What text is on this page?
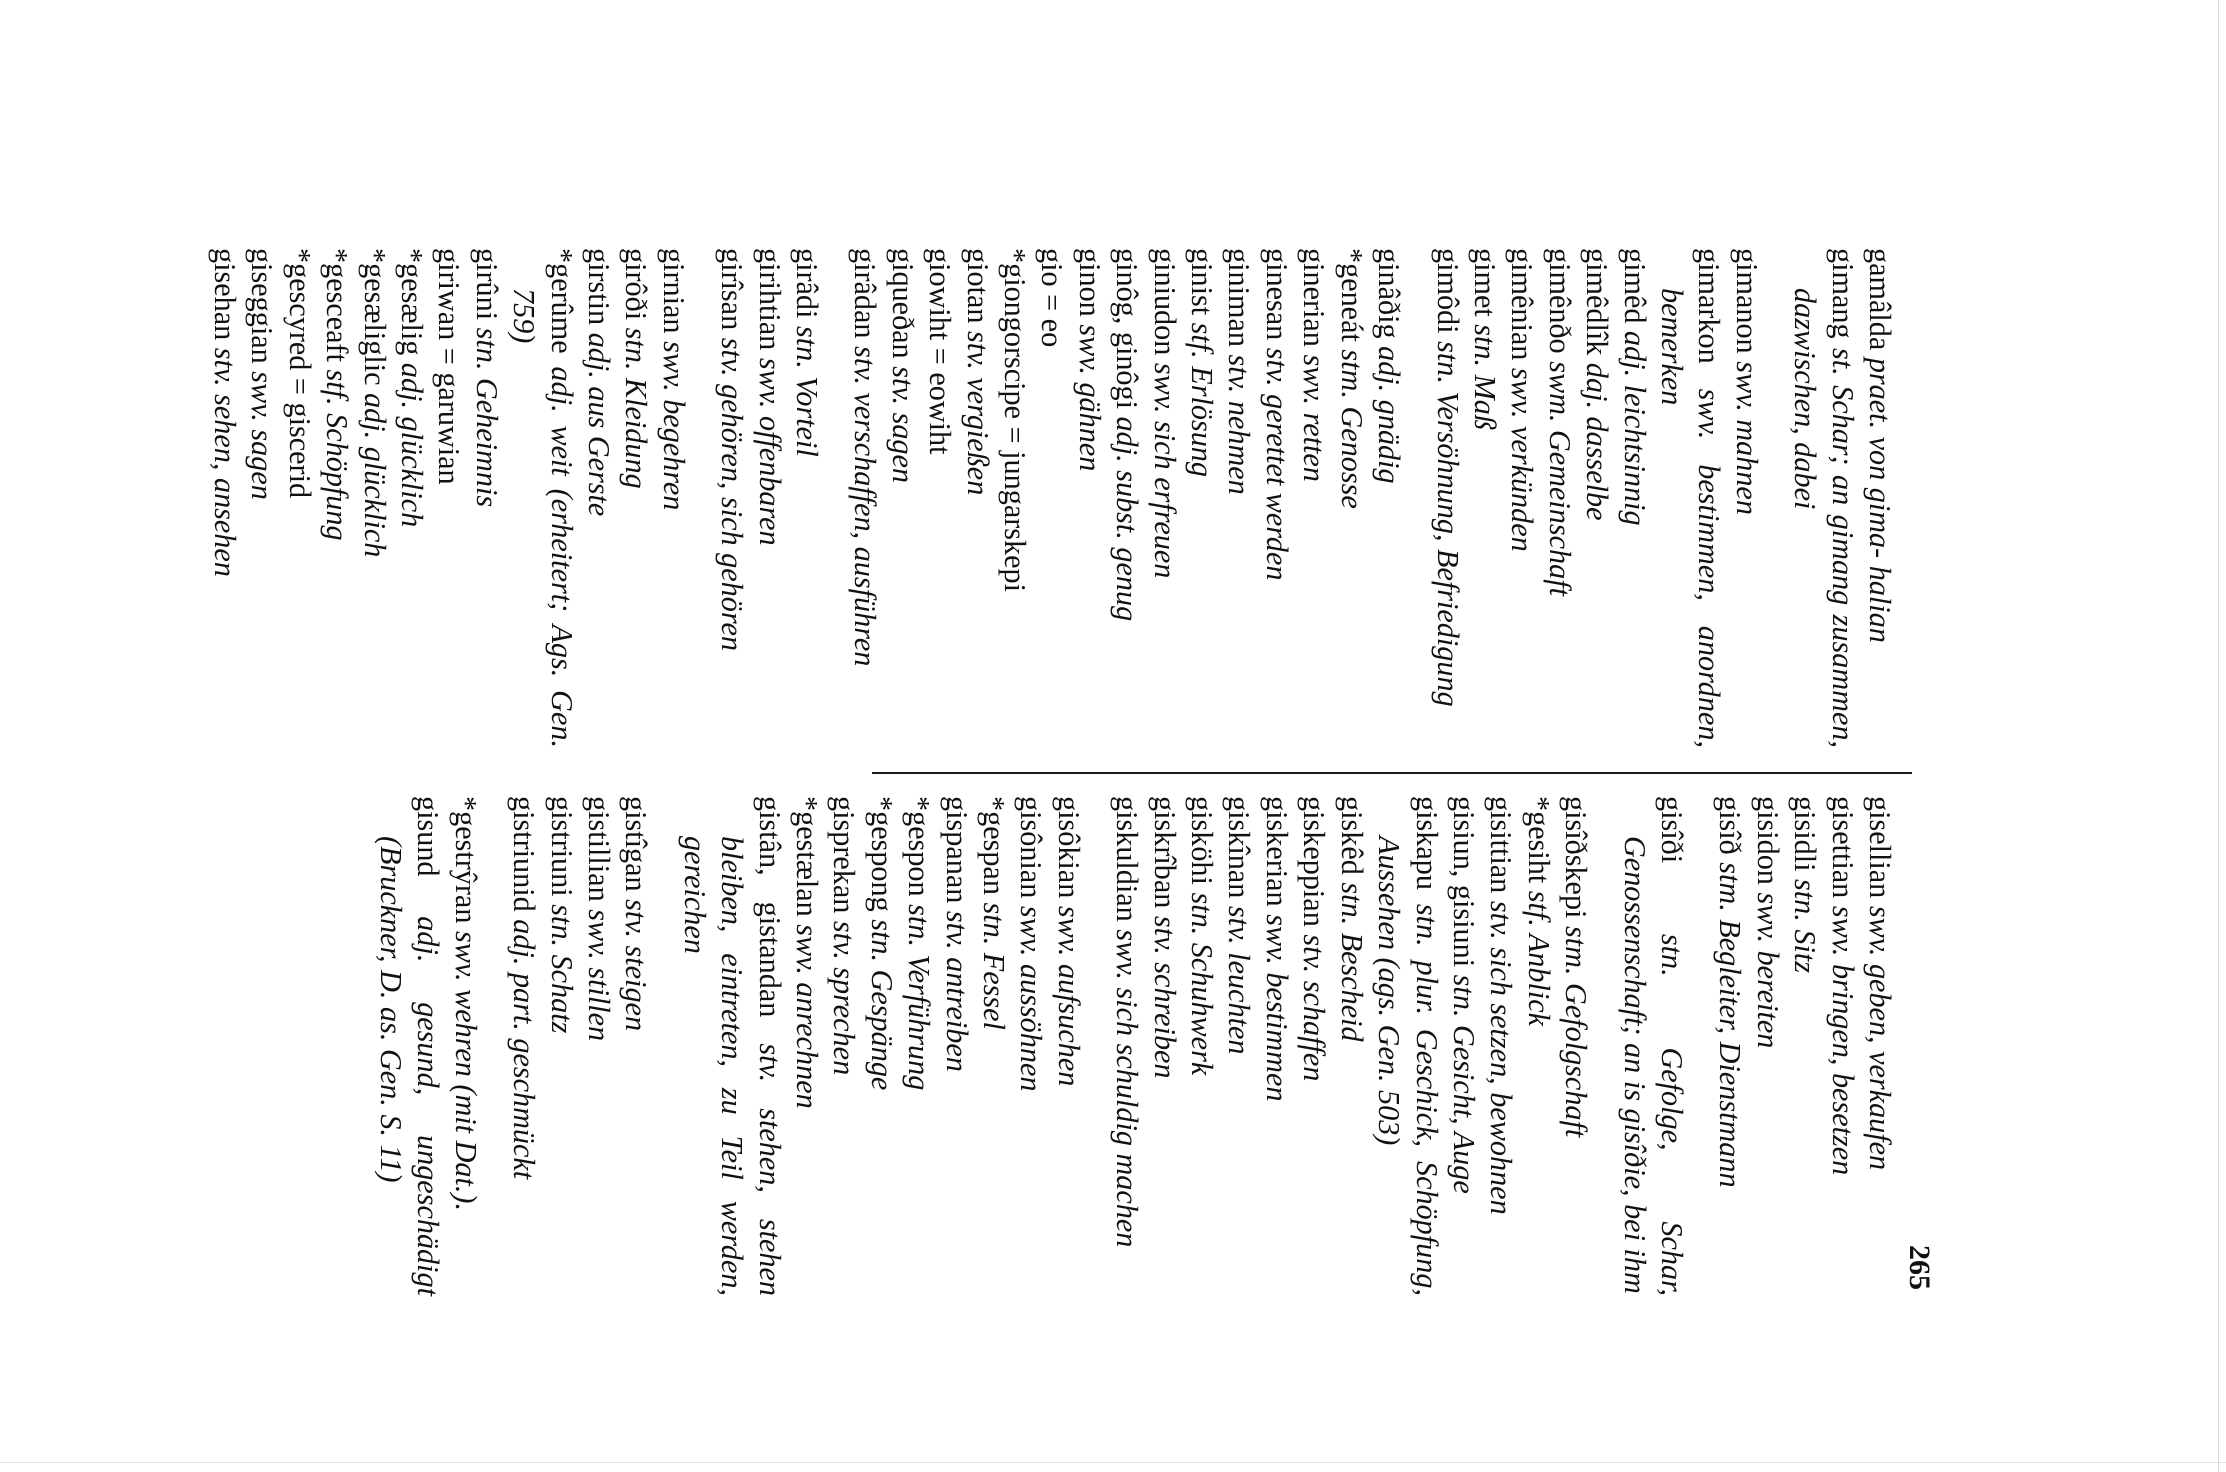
265

gamâlda praet. von gima- halian

gimang st. Schar; an gimang zusammen, dazwischen, dabei

gimanon swv. mahnen

gimarkon swv. bestimmen, anordnen, bemerken

gimêd adj. leichtsinnig

gimêdlîk daj. dasselbe

gimênðo swm. Gemeinschaft

gimênian swv. verkünden

gimet stn. Maß

gimôdi stn. Versöhnung, Befriedigung

ginâðig adj. gnädig

*geneát stm. Genosse

ginerian swv. retten

ginesan stv. gerettet werden

giniman stv. nehmen

ginist stf. Erlösung

giniudon swv. sich erfreuen

ginôg, ginôgi adj. subst. genug

ginon swv. gähnen

gio = eo

*giongorscipe = jungarskepi

giotan stv. vergießen

giowiht = eowiht

giqueðan stv. sagen

girâdan stv. verschaffen, ausführen

girâdi stn. Vorteil

girihtian swv. offenbaren

girîsan stv. gehören, sich gehören

girnian swv. begehren

girôði stn. Kleidung

girstin adj. aus Gerste

*gerûme adj. weit (erheitert; Ags. Gen. 759)

girûni stn. Geheimnis

giriwan = garuwian

*gesælig adj. glücklich

*gesæliglic adj. glücklich

*gesceaft stf. Schöpfung

*gescyred = giscerid

giseggian swv. sagen

gisehan stv. sehen, ansehen

gisellian swv. geben, verkaufen

gisettian swv. bringen, besetzen

gisidli stn. Sitz

gisidon swv. bereiten

gisîð stm. Begleiter, Dienstmann

gisîði stn. Gefolge, Schar, Genossenschaft; an is gisîðie, bei ihm

gisîðskepi stm. Gefolgschaft

*gesiht stf. Anblick

gisittian stv. sich setzen, bewohnen

gisiun, gisiuni stn. Gesicht, Auge

giskapu stn. plur. Geschick, Schöpfung, Aussehen (ags. Gen. 503)

giskêd stn. Bescheid

giskeppian stv. schaffen

giskerian swv. bestimmen

giskînan stv. leuchten

gisköhi stn. Schuhwerk

giskrîban stv. schreiben

giskuldian swv. sich schuldig machen

gisôkian swv. aufsuchen

gisônian swv. aussöhnen

*gespan stn. Fessel

gispanan stv. antreiben

*gespon stn. Verführung

*gespong stn. Gespänge

gisprekan stv. sprechen

*gestælan swv. anrechnen

gistân, gistandan stv. stehen, stehen bleiben, eintreten, zu Teil werden, gereichen

gistîgan stv. steigen

gistillian swv. stillen

gistriuni stn. Schatz

gistriunid adj. part. geschmückt

*gestrŷran swv. wehren (mit Dat.).

gisund adj. gesund, ungeschädigt (Bruckner, D. as. Gen. S. 11)
